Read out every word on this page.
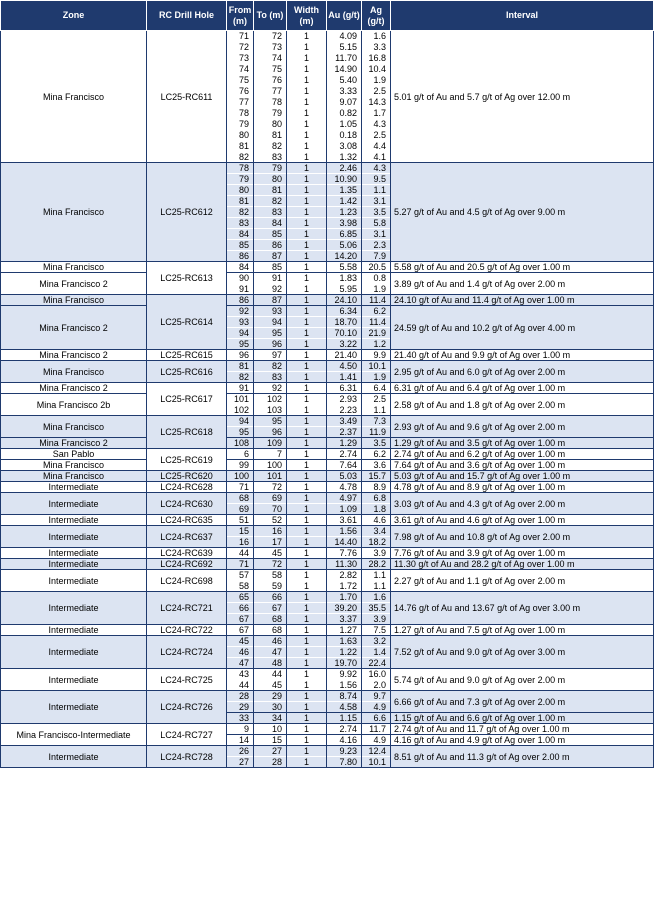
Zone	RC Drill Hole	From (m)	To (m)	Width (m)	Au (g/t)	Ag (g/t)	Interval
Mina Francisco	LC25-RC611	71	72	1	4.09	1.6	5.01 g/t of Au and 5.7 g/t of Ag over 12.00 m
		72	73	1	5.15	3.3	
		73	74	1	11.70	16.8	
		74	75	1	14.90	10.4	
		75	76	1	5.40	1.9	
		76	77	1	3.33	2.5	
		77	78	1	9.07	14.3	
		78	79	1	0.82	1.7	
		79	80	1	1.05	4.3	
		80	81	1	0.18	2.5	
		81	82	1	3.08	4.4	
		82	83	1	1.32	4.1	
Mina Francisco	LC25-RC612	78	79	1	2.46	4.3	5.27 g/t of Au and 4.5 g/t of Ag over 9.00 m
		79	80	1	10.90	9.5	
		80	81	1	1.35	1.1	
		81	82	1	1.42	3.1	
		82	83	1	1.23	3.5	
		83	84	1	3.98	5.8	
		84	85	1	6.85	3.1	
		85	86	1	5.06	2.3	
		86	87	1	14.20	7.9	
Mina Francisco	LC25-RC613	84	85	1	5.58	20.5	5.58 g/t of Au and 20.5 g/t of Ag over 1.00 m
Mina Francisco 2		90	91	1	1.83	0.8	3.89 g/t of Au and 1.4 g/t of Ag over 2.00 m
		91	92	1	5.95	1.9	
Mina Francisco	LC25-RC614	86	87	1	24.10	11.4	24.10 g/t of Au and 11.4 g/t of Ag over 1.00 m
Mina Francisco 2		92	93	1	6.34	6.2	24.59 g/t of Au and 10.2 g/t of Ag over 4.00 m
		93	94	1	18.70	11.4	
		94	95	1	70.10	21.9	
		95	96	1	3.22	1.2	
Mina Francisco 2	LC25-RC615	96	97	1	21.40	9.9	21.40 g/t of Au and 9.9 g/t of Ag over 1.00 m
Mina Francisco	LC25-RC616	81	82	1	4.50	10.1	2.95 g/t of Au and 6.0 g/t of Ag over 2.00 m
		82	83	1	1.41	1.9	
Mina Francisco 2	LC25-RC617	91	92	1	6.31	6.4	6.31 g/t of Au and 6.4 g/t of Ag over 1.00 m
Mina Francisco 2b		101	102	1	2.93	2.5	2.58 g/t of Au and 1.8 g/t of Ag over 2.00 m
		102	103	1	2.23	1.1	
Mina Francisco	LC25-RC618	94	95	1	3.49	7.3	2.93 g/t of Au and 9.6 g/t of Ag over 2.00 m
		95	96	1	2.37	11.9	
Mina Francisco 2		108	109	1	1.29	3.5	1.29 g/t of Au and 3.5 g/t of Ag over 1.00 m
San Pablo	LC25-RC619	6	7	1	2.74	6.2	2.74 g/t of Au and 6.2 g/t of Ag over 1.00 m
Mina Francisco		99	100	1	7.64	3.6	7.64 g/t of Au and 3.6 g/t of Ag over 1.00 m
Mina Francisco	LC25-RC620	100	101	1	5.03	15.7	5.03 g/t of Au and 15.7 g/t of Ag over 1.00 m
Intermediate	LC24-RC628	71	72	1	4.78	8.9	4.78 g/t of Au and 8.9 g/t of Ag over 1.00 m
Intermediate	LC24-RC630	68	69	1	4.97	6.8	3.03 g/t of Au and 4.3 g/t of Ag over 2.00 m
		69	70	1	1.09	1.8	
Intermediate	LC24-RC635	51	52	1	3.61	4.6	3.61 g/t of Au and 4.6 g/t of Ag over 1.00 m
Intermediate	LC24-RC637	15	16	1	1.56	3.4	7.98 g/t of Au and 10.8 g/t of Ag over 2.00 m
		16	17	1	14.40	18.2	
Intermediate	LC24-RC639	44	45	1	7.76	3.9	7.76 g/t of Au and 3.9 g/t of Ag over 1.00 m
Intermediate	LC24-RC692	71	72	1	11.30	28.2	11.30 g/t of Au and 28.2 g/t of Ag over 1.00 m
Intermediate	LC24-RC698	57	58	1	2.82	1.1	2.27 g/t of Au and 1.1 g/t of Ag over 2.00 m
		58	59	1	1.72	1.1	
Intermediate	LC24-RC721	65	66	1	1.70	1.6	14.76 g/t of Au and 13.67 g/t of Ag over 3.00 m
		66	67	1	39.20	35.5	
		67	68	1	3.37	3.9	
Intermediate	LC24-RC722	67	68	1	1.27	7.5	1.27 g/t of Au and 7.5 g/t of Ag over 1.00 m
Intermediate	LC24-RC724	45	46	1	1.63	3.2	7.52 g/t of Au and 9.0 g/t of Ag over 3.00 m
		46	47	1	1.22	1.4	
		47	48	1	19.70	22.4	
Intermediate	LC24-RC725	43	44	1	9.92	16.0	5.74 g/t of Au and 9.0 g/t of Ag over 2.00 m
		44	45	1	1.56	2.0	
Intermediate	LC24-RC726	28	29	1	8.74	9.7	6.66 g/t of Au and 7.3 g/t of Ag over 2.00 m
		29	30	1	4.58	4.9	
		33	34	1	1.15	6.6	1.15 g/t of Au and 6.6 g/t of Ag over 1.00 m
Mina Francisco-Intermediate	LC24-RC727	9	10	1	2.74	11.7	2.74 g/t of Au and 11.7 g/t of Ag over 1.00 m
		14	15	1	4.16	4.9	4.16 g/t of Au and 4.9 g/t of Ag over 1.00 m
Intermediate	LC24-RC728	26	27	1	9.23	12.4	8.51 g/t of Au and 11.3 g/t of Ag over 2.00 m
		27	28	1	7.80	10.1	
